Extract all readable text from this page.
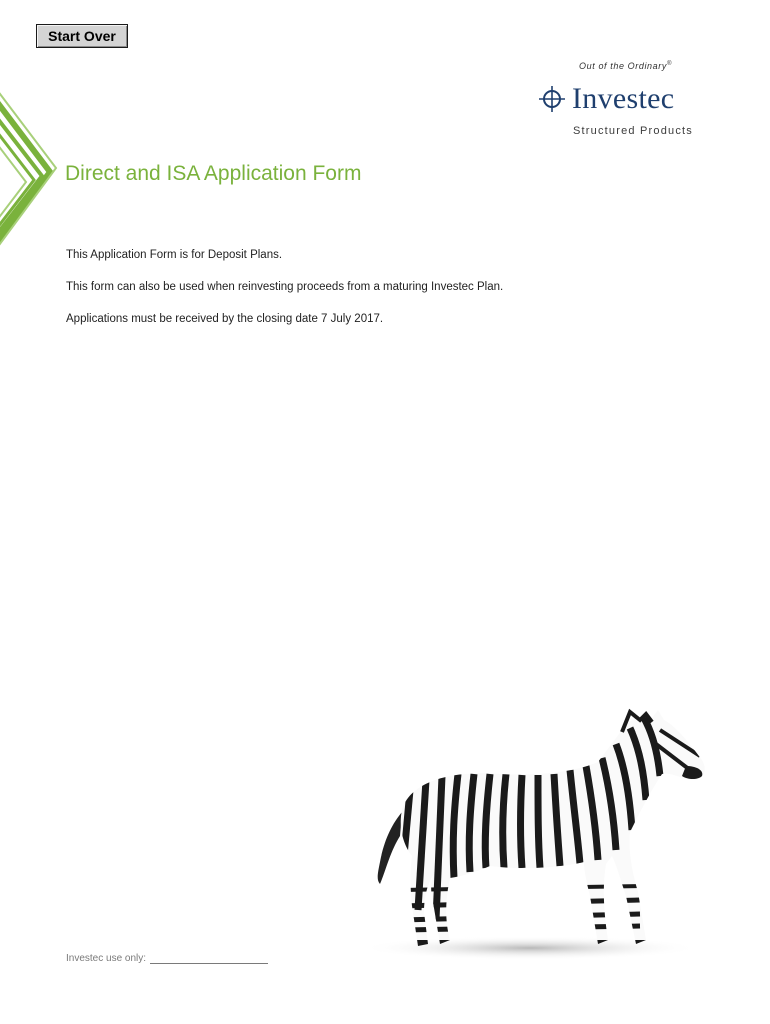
Start Over
Out of the Ordinary®
Investec
Structured Products
Direct and ISA Application Form

This Application Form is for Deposit Plans.

This form can also be used when reinvesting proceeds from a maturing Investec Plan.

Applications must be received by the closing date 7 July 2017.

Investec use only:
